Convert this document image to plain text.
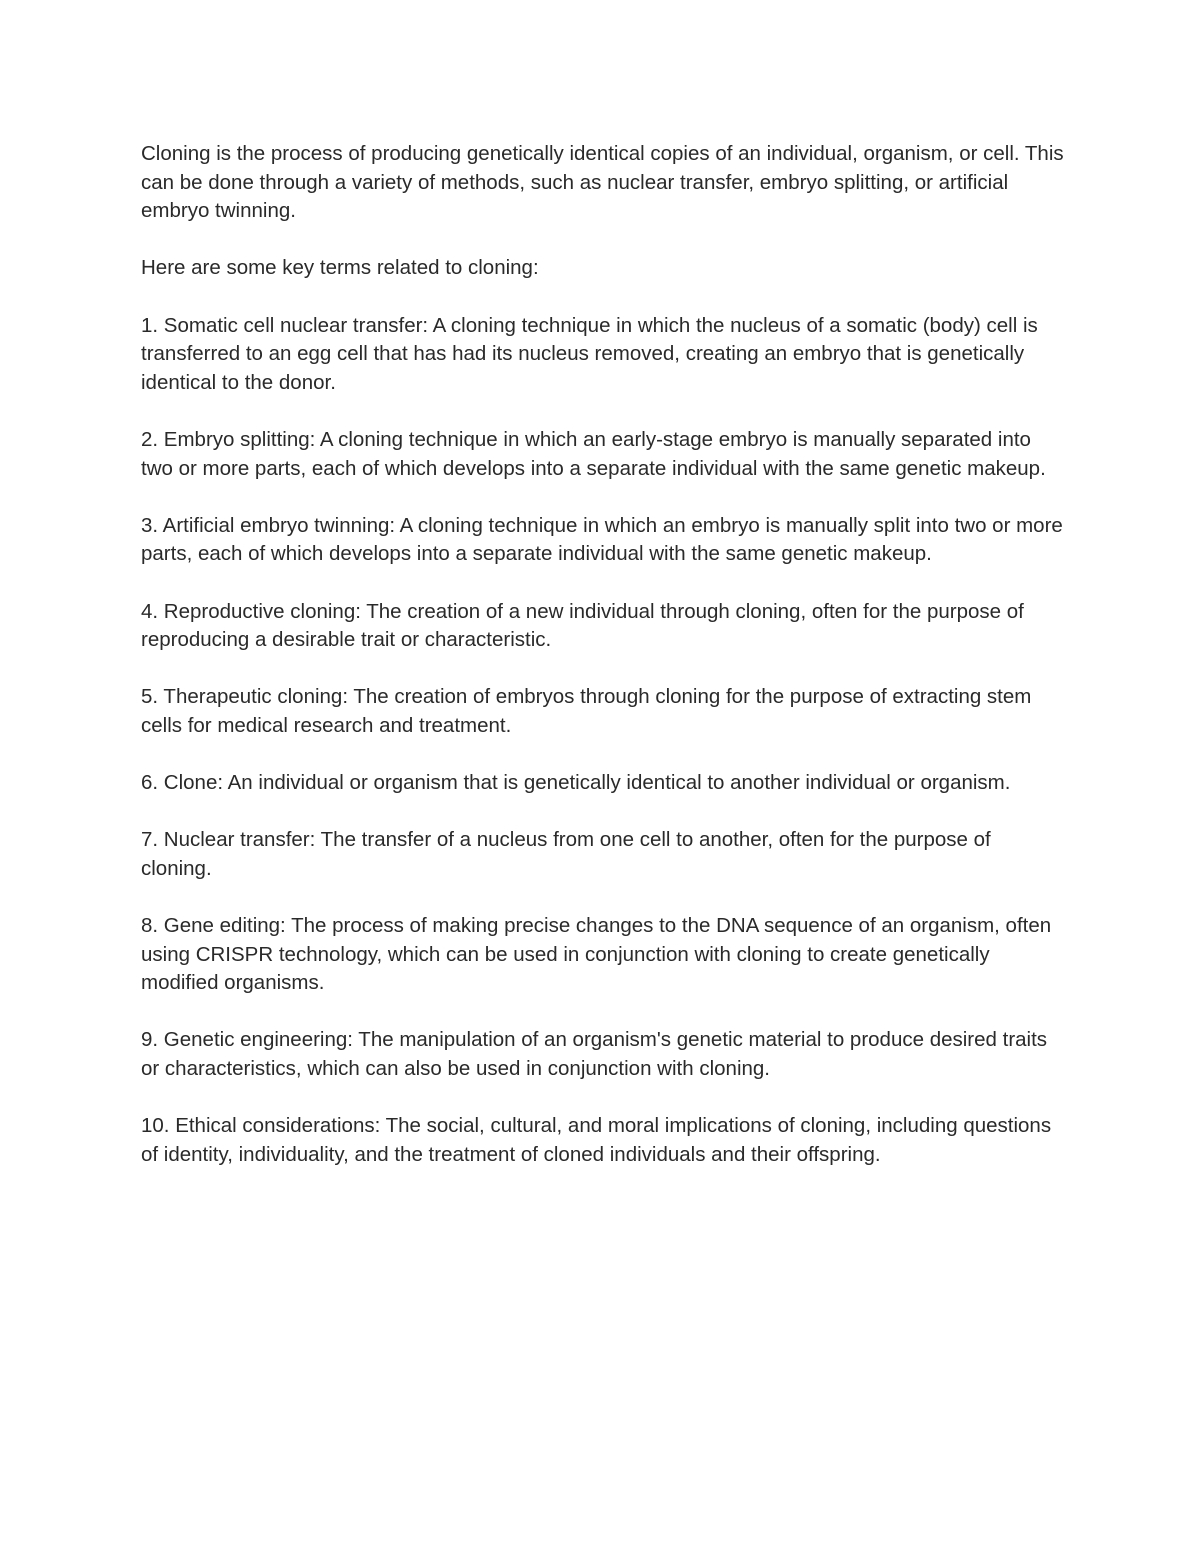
Cloning is the process of producing genetically identical copies of an individual, organism, or cell. This can be done through a variety of methods, such as nuclear transfer, embryo splitting, or artificial embryo twinning.

Here are some key terms related to cloning:

1. Somatic cell nuclear transfer: A cloning technique in which the nucleus of a somatic (body) cell is transferred to an egg cell that has had its nucleus removed, creating an embryo that is genetically identical to the donor.

2. Embryo splitting: A cloning technique in which an early-stage embryo is manually separated into two or more parts, each of which develops into a separate individual with the same genetic makeup.

3. Artificial embryo twinning: A cloning technique in which an embryo is manually split into two or more parts, each of which develops into a separate individual with the same genetic makeup.

4. Reproductive cloning: The creation of a new individual through cloning, often for the purpose of reproducing a desirable trait or characteristic.

5. Therapeutic cloning: The creation of embryos through cloning for the purpose of extracting stem cells for medical research and treatment.

6. Clone: An individual or organism that is genetically identical to another individual or organism.

7. Nuclear transfer: The transfer of a nucleus from one cell to another, often for the purpose of cloning.

8. Gene editing: The process of making precise changes to the DNA sequence of an organism, often using CRISPR technology, which can be used in conjunction with cloning to create genetically modified organisms.

9. Genetic engineering: The manipulation of an organism's genetic material to produce desired traits or characteristics, which can also be used in conjunction with cloning.

10. Ethical considerations: The social, cultural, and moral implications of cloning, including questions of identity, individuality, and the treatment of cloned individuals and their offspring.
